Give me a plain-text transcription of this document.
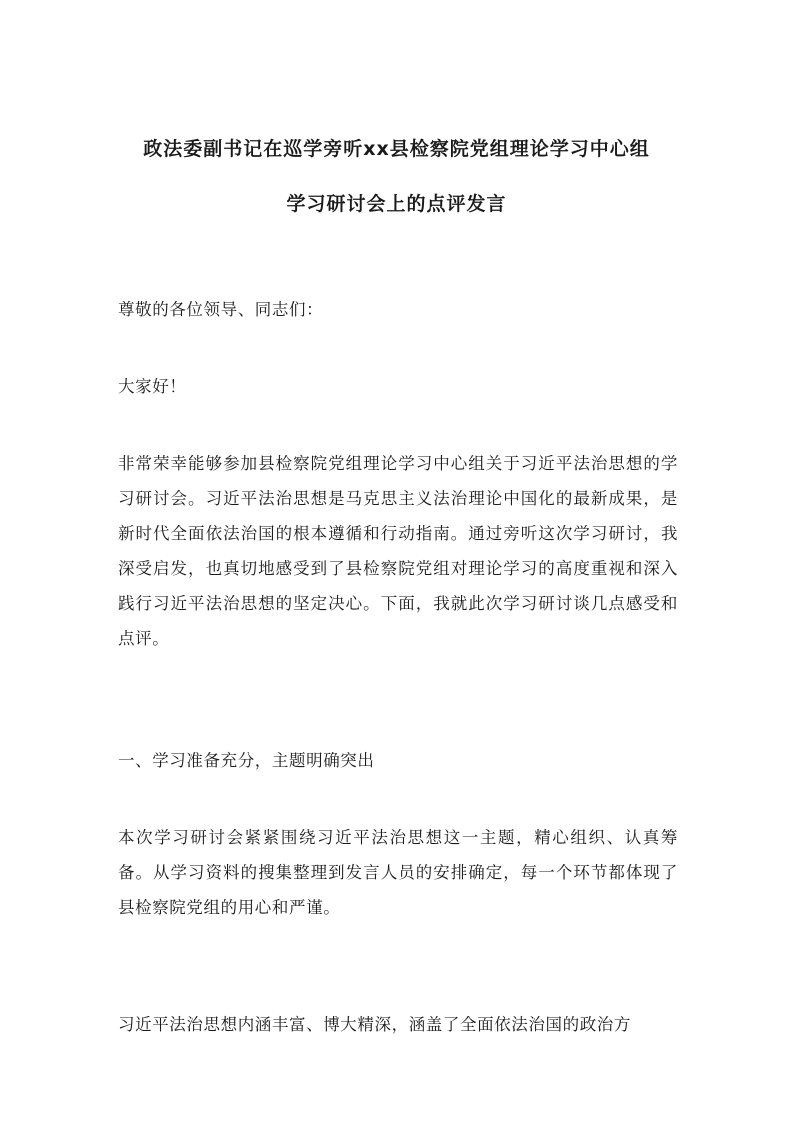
政法委副书记在巡学旁听xx县检察院党组理论学习中心组
学习研讨会上的点评发言

尊敬的各位领导、同志们：

大家好！

非常荣幸能够参加县检察院党组理论学习中心组关于习近平法治思想的学习研讨会。习近平法治思想是马克思主义法治理论中国化的最新成果，是新时代全面依法治国的根本遵循和行动指南。通过旁听这次学习研讨，我深受启发，也真切地感受到了县检察院党组对理论学习的高度重视和深入践行习近平法治思想的坚定决心。下面，我就此次学习研讨谈几点感受和点评。

一、学习准备充分，主题明确突出

本次学习研讨会紧紧围绕习近平法治思想这一主题，精心组织、认真筹备。从学习资料的搜集整理到发言人员的安排确定，每一个环节都体现了县检察院党组的用心和严谨。

习近平法治思想内涵丰富、博大精深，涵盖了全面依法治国的政治方
